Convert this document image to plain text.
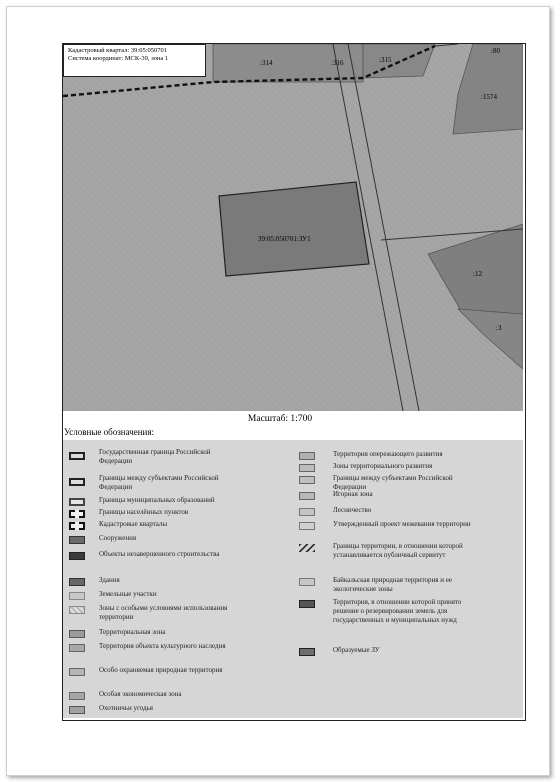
:314	:316	:315
:80
:1574
:12
:3
39:05:050701:ЗУ1
Кадастровый квартал: 39:05:050701
Система координат: МСК-39, зона 1
Масштаб: 1:700
Условные обозначения:
Государственная граница Российской Федерации
Границы между субъектами Российской Федерации
Границы муниципальных образований
Границы населённых пунктов
Кадастровые кварталы
Сооружения
Объекты незавершенного строительства
Здания
Земельные участки
Зоны с особыми условиями использования территории
Территориальная зона
Территория объекта культурного наследия
Особо охраняемая природная территория
Особая экономическая зона
Охотничьи угодья
Территория опережающего развития
Зоны территориального развития
Границы между субъектами Российской Федерации
Игорная зона
Лесничество
Утвержденный проект межевания территории
Границы территории, в отношении которой устанавливается публичный сервитут
Байкальская природная территория и ее экологические зоны
Территория, в отношении которой принято решение о резервировании земель для государственных и муниципальных нужд
Образуемые ЗУ
